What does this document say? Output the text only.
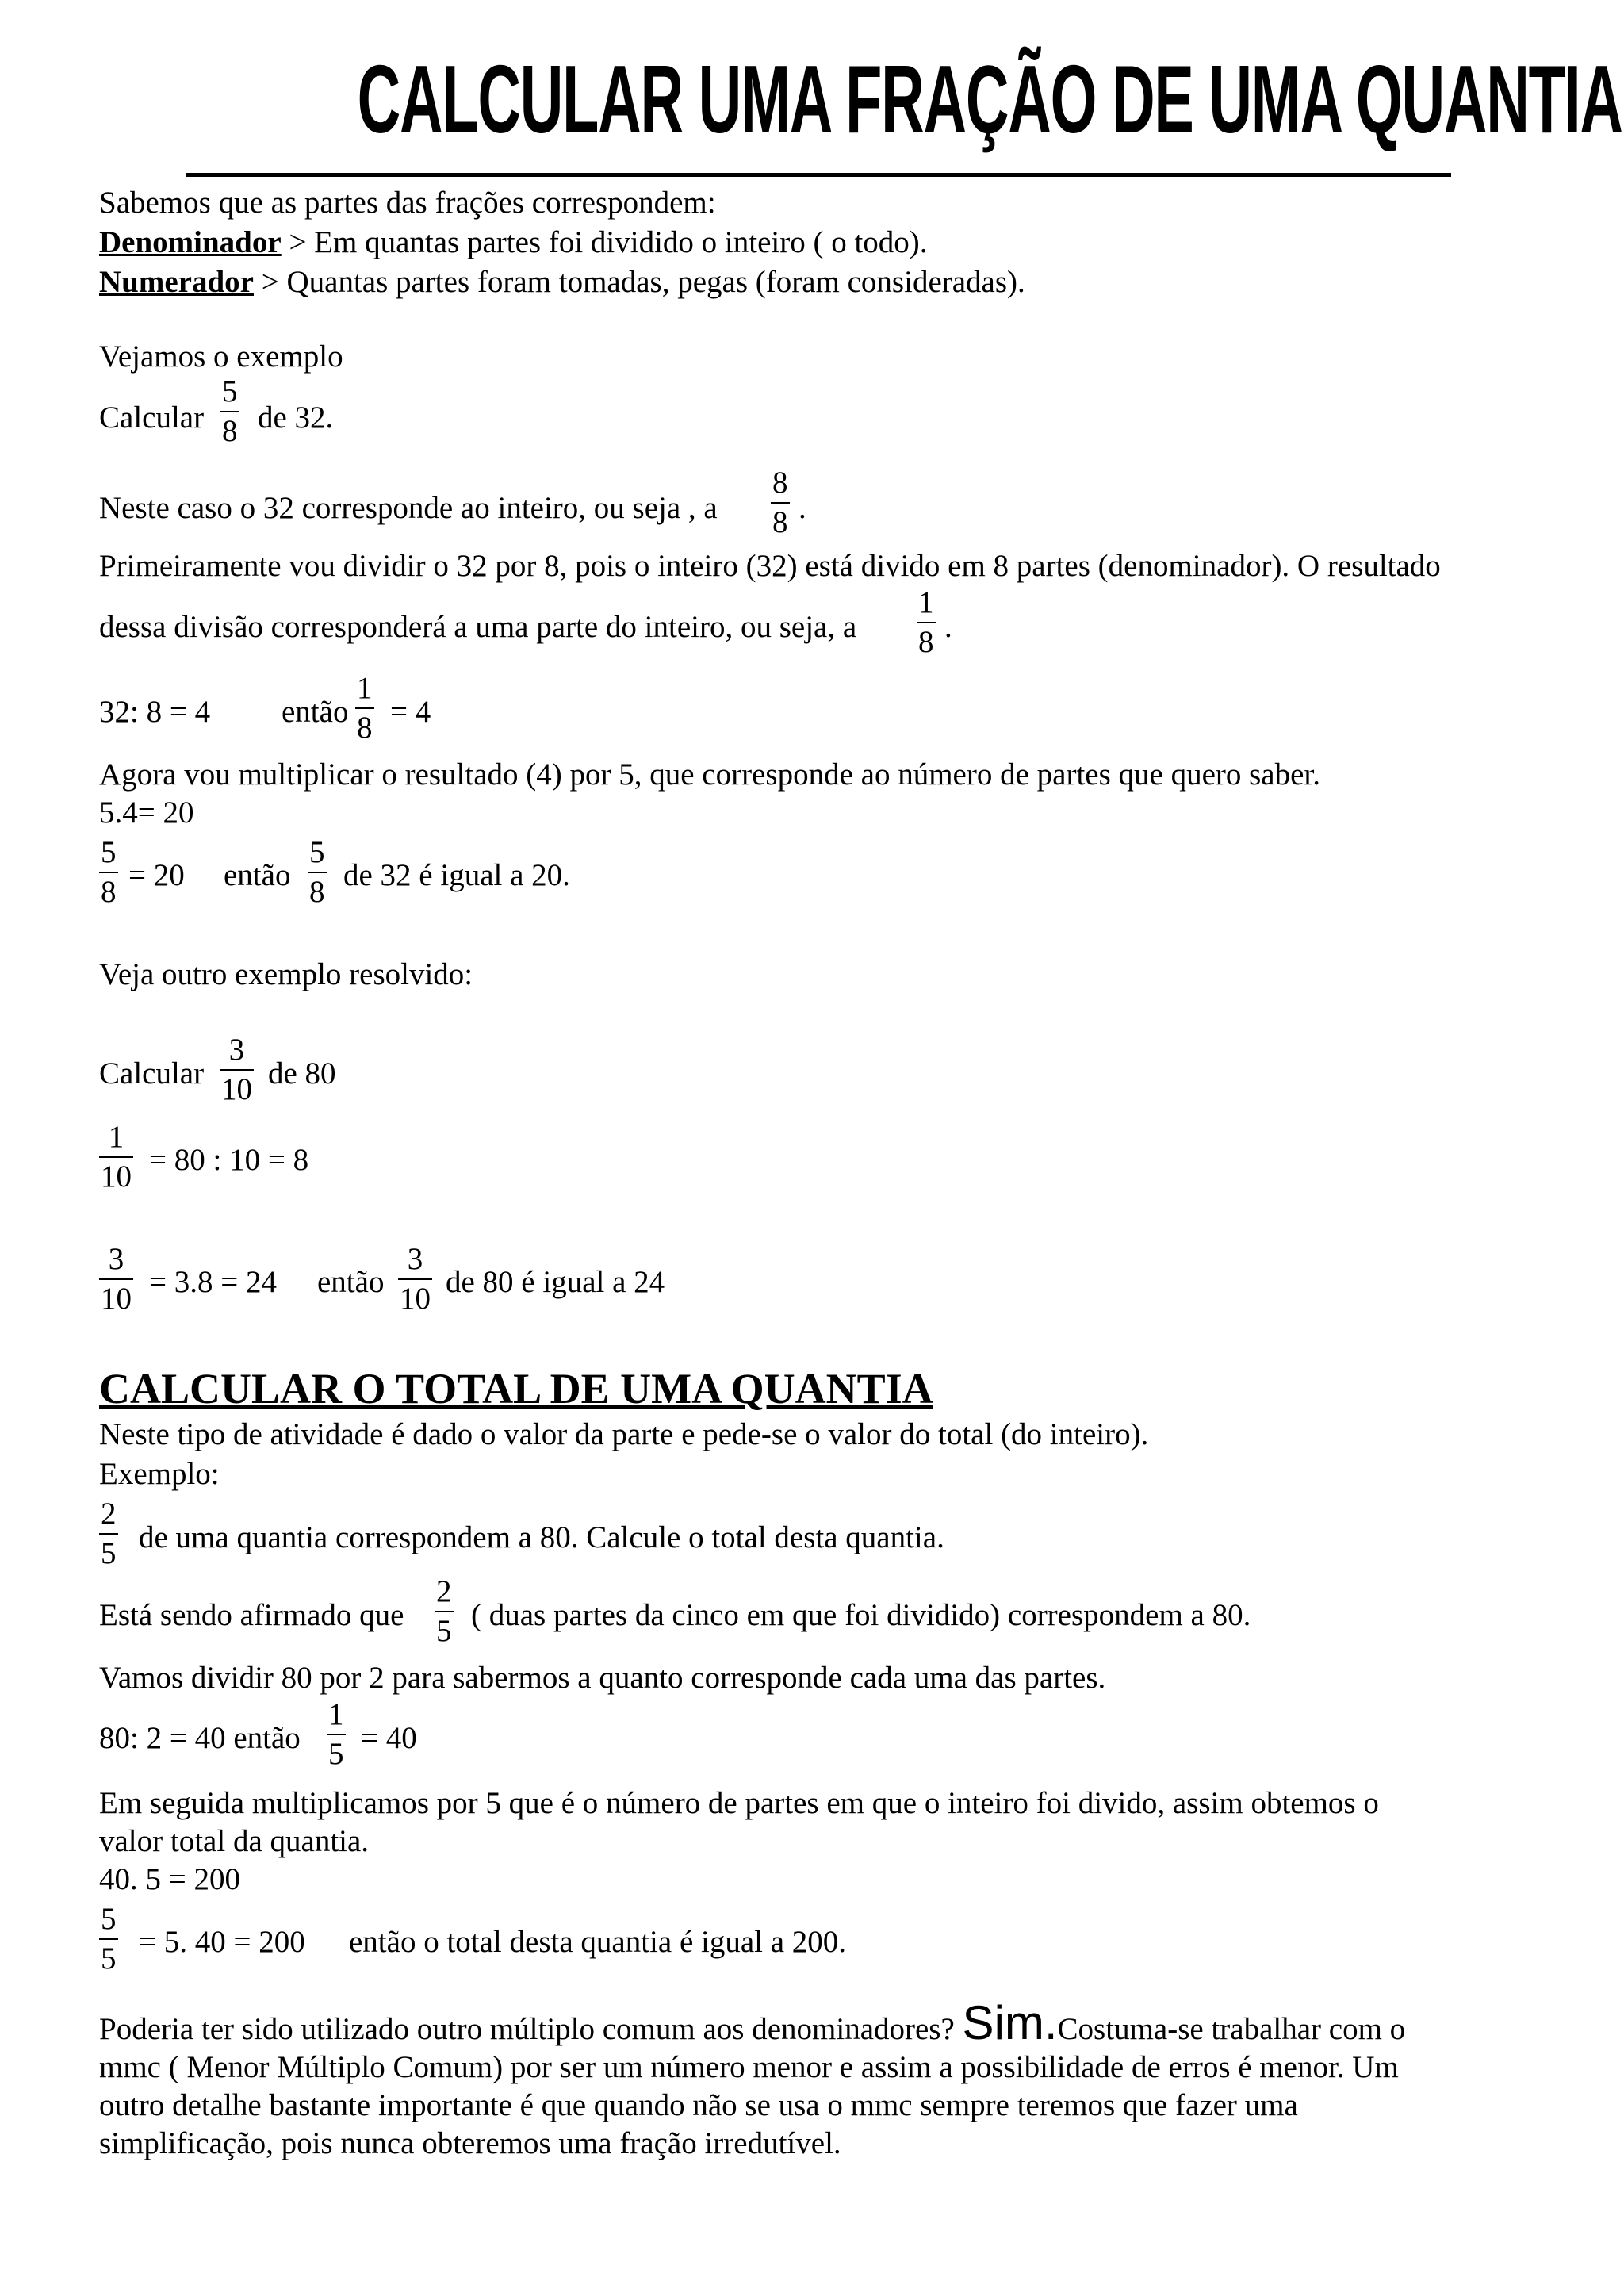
CALCULAR UMA FRAÇÃO DE UMA QUANTIA
Sabemos que as partes das frações correspondem:
Denominador > Em quantas partes foi dividido o inteiro ( o todo).
Numerador > Quantas partes foram tomadas, pegas (foram consideradas).
Vejamos o exemplo
Calcular
5
8 de 32.
Neste caso o 32 corresponde ao inteiro, ou seja , a
8
8 .
Primeiramente vou dividir o 32 por 8, pois o inteiro (32) está divido em 8 partes (denominador). O resultado
dessa divisão corresponderá a uma parte do inteiro, ou seja, a
1
8 .
32: 8 = 4 então
1
8 = 4
Agora vou multiplicar o resultado (4) por 5, que corresponde ao número de partes que quero saber.
5.4= 20
5
8 = 20 então
5
8 de 32 é igual a 20.
Veja outro exemplo resolvido:
Calcular
3
10 de 80
1
10 = 80 : 10 = 8
3
10 = 3.8 = 24 então
3
10 de 80 é igual a 24
CALCULAR O TOTAL DE UMA QUANTIA
Neste tipo de atividade é dado o valor da parte e pede-se o valor do total (do inteiro).
Exemplo:
2
5 de uma quantia correspondem a 80. Calcule o total desta quantia.
Está sendo afirmado que
2
5 ( duas partes da cinco em que foi dividido) correspondem a 80.
Vamos dividir 80 por 2 para sabermos a quanto corresponde cada uma das partes.
80: 2 = 40 então
1
5 = 40
Em seguida multiplicamos por 5 que é o número de partes em que o inteiro foi divido, assim obtemos o
valor total da quantia.
40. 5 = 200
5
5 = 5. 40 = 200 então o total desta quantia é igual a 200.
Poderia ter sido utilizado outro múltiplo comum aos denominadores? Sim.Costuma-se trabalhar com o
mmc ( Menor Múltiplo Comum) por ser um número menor e assim a possibilidade de erros é menor. Um
outro detalhe bastante importante é que quando não se usa o mmc sempre teremos que fazer uma
simplificação, pois nunca obteremos uma fração irredutível.
